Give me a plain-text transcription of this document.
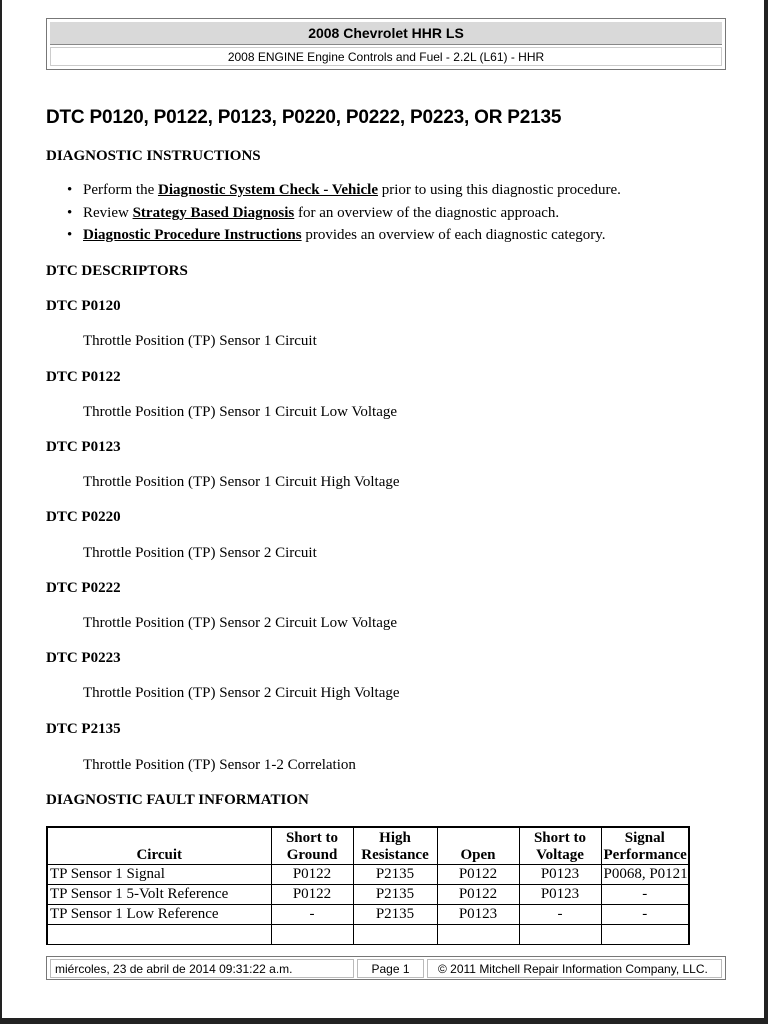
2008 Chevrolet HHR LS
2008 ENGINE Engine Controls and Fuel - 2.2L (L61) - HHR
DTC P0120, P0122, P0123, P0220, P0222, P0223, OR P2135
DIAGNOSTIC INSTRUCTIONS
• Perform the Diagnostic System Check - Vehicle prior to using this diagnostic procedure.
• Review Strategy Based Diagnosis for an overview of the diagnostic approach.
• Diagnostic Procedure Instructions provides an overview of each diagnostic category.
DTC DESCRIPTORS
DTC P0120

Throttle Position (TP) Sensor 1 Circuit

DTC P0122

Throttle Position (TP) Sensor 1 Circuit Low Voltage

DTC P0123

Throttle Position (TP) Sensor 1 Circuit High Voltage

DTC P0220

Throttle Position (TP) Sensor 2 Circuit

DTC P0222

Throttle Position (TP) Sensor 2 Circuit Low Voltage

DTC P0223

Throttle Position (TP) Sensor 2 Circuit High Voltage

DTC P2135

Throttle Position (TP) Sensor 1-2 Correlation

DIAGNOSTIC FAULT INFORMATION
Circuit	Short to Ground	High Resistance	Open	Short to Voltage	Signal Performance
TP Sensor 1 Signal	P0122	P2135	P0122	P0123	P0068, P0121
TP Sensor 1 5-Volt Reference	P0122	P2135	P0122	P0123	-
TP Sensor 1 Low Reference	-	P2135	P0123	-	-

miércoles, 23 de abril de 2014 09:31:22 a.m.	Page 1	© 2011 Mitchell Repair Information Company, LLC.
